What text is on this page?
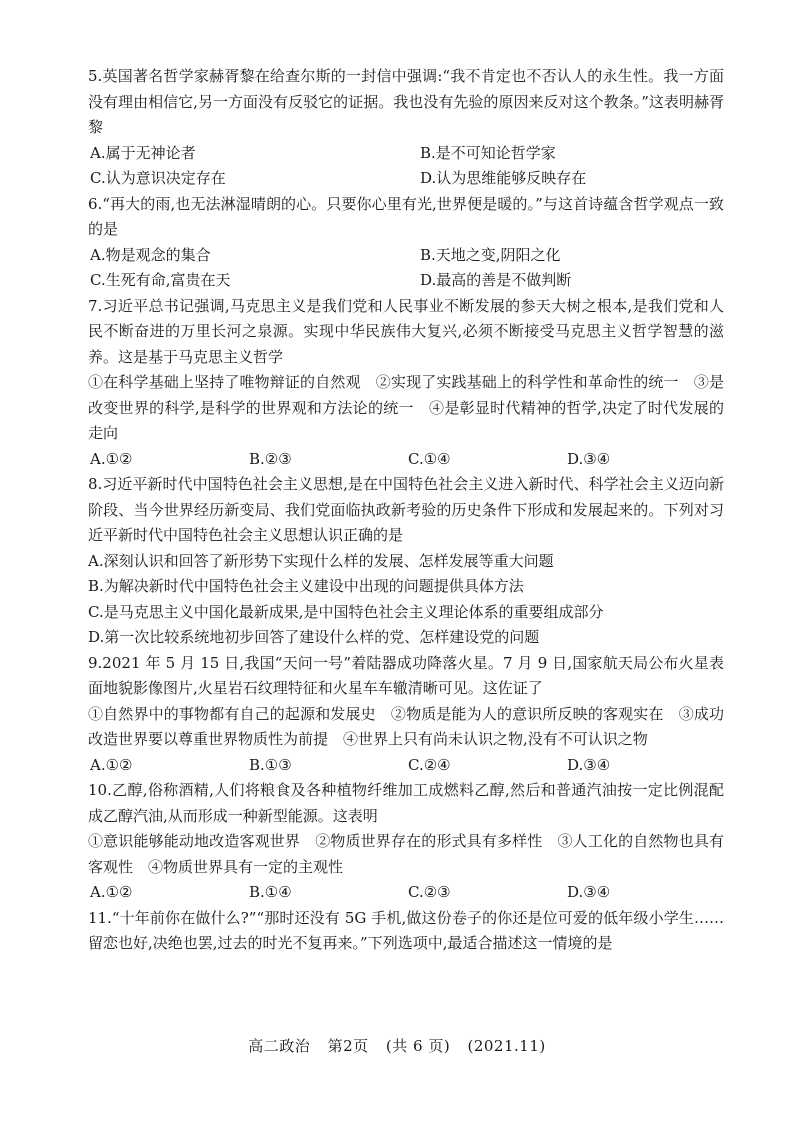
5.英国著名哲学家赫胥黎在给查尔斯的一封信中强调:“我不肯定也不否认人的永生性。我一方面没有理由相信它,另一方面没有反驳它的证据。我也没有先验的原因来反对这个教条。”这表明赫胥黎
A.属于无神论者	B.是不可知论哲学家
C.认为意识决定存在	D.认为思维能够反映存在
6.“再大的雨,也无法淋湿晴朗的心。只要你心里有光,世界便是暖的。”与这首诗蕴含哲学观点一致的是
A.物是观念的集合	B.天地之变,阴阳之化
C.生死有命,富贵在天	D.最高的善是不做判断
7.习近平总书记强调,马克思主义是我们党和人民事业不断发展的参天大树之根本,是我们党和人民不断奋进的万里长河之泉源。实现中华民族伟大复兴,必须不断接受马克思主义哲学智慧的滋养。这是基于马克思主义哲学
①在科学基础上坚持了唯物辩证的自然观　②实现了实践基础上的科学性和革命性的统一　③是改变世界的科学,是科学的世界观和方法论的统一　④是彰显时代精神的哲学,决定了时代发展的走向
A.①②	B.②③	C.①④	D.③④
8.习近平新时代中国特色社会主义思想,是在中国特色社会主义进入新时代、科学社会主义迈向新阶段、当今世界经历新变局、我们党面临执政新考验的历史条件下形成和发展起来的。下列对习近平新时代中国特色社会主义思想认识正确的是
A.深刻认识和回答了新形势下实现什么样的发展、怎样发展等重大问题
B.为解决新时代中国特色社会主义建设中出现的问题提供具体方法
C.是马克思主义中国化最新成果,是中国特色社会主义理论体系的重要组成部分
D.第一次比较系统地初步回答了建设什么样的党、怎样建设党的问题
9.2021 年 5 月 15 日,我国“天问一号”着陆器成功降落火星。7 月 9 日,国家航天局公布火星表面地貌影像图片,火星岩石纹理特征和火星车车辙清晰可见。这佐证了
①自然界中的事物都有自己的起源和发展史　②物质是能为人的意识所反映的客观实在　③成功改造世界要以尊重世界物质性为前提　④世界上只有尚未认识之物,没有不可认识之物
A.①②	B.①③	C.②④	D.③④
10.乙醇,俗称酒精,人们将粮食及各种植物纤维加工成燃料乙醇,然后和普通汽油按一定比例混配成乙醇汽油,从而形成一种新型能源。这表明
①意识能够能动地改造客观世界　②物质世界存在的形式具有多样性　③人工化的自然物也具有客观性　④物质世界具有一定的主观性
A.①②	B.①④	C.②③	D.③④
11.“十年前你在做什么?”“那时还没有 5G 手机,做这份卷子的你还是位可爱的低年级小学生……留恋也好,决绝也罢,过去的时光不复再来。”下列选项中,最适合描述这一情境的是
高二政治 第2页 (共 6 页) (2021.11)
